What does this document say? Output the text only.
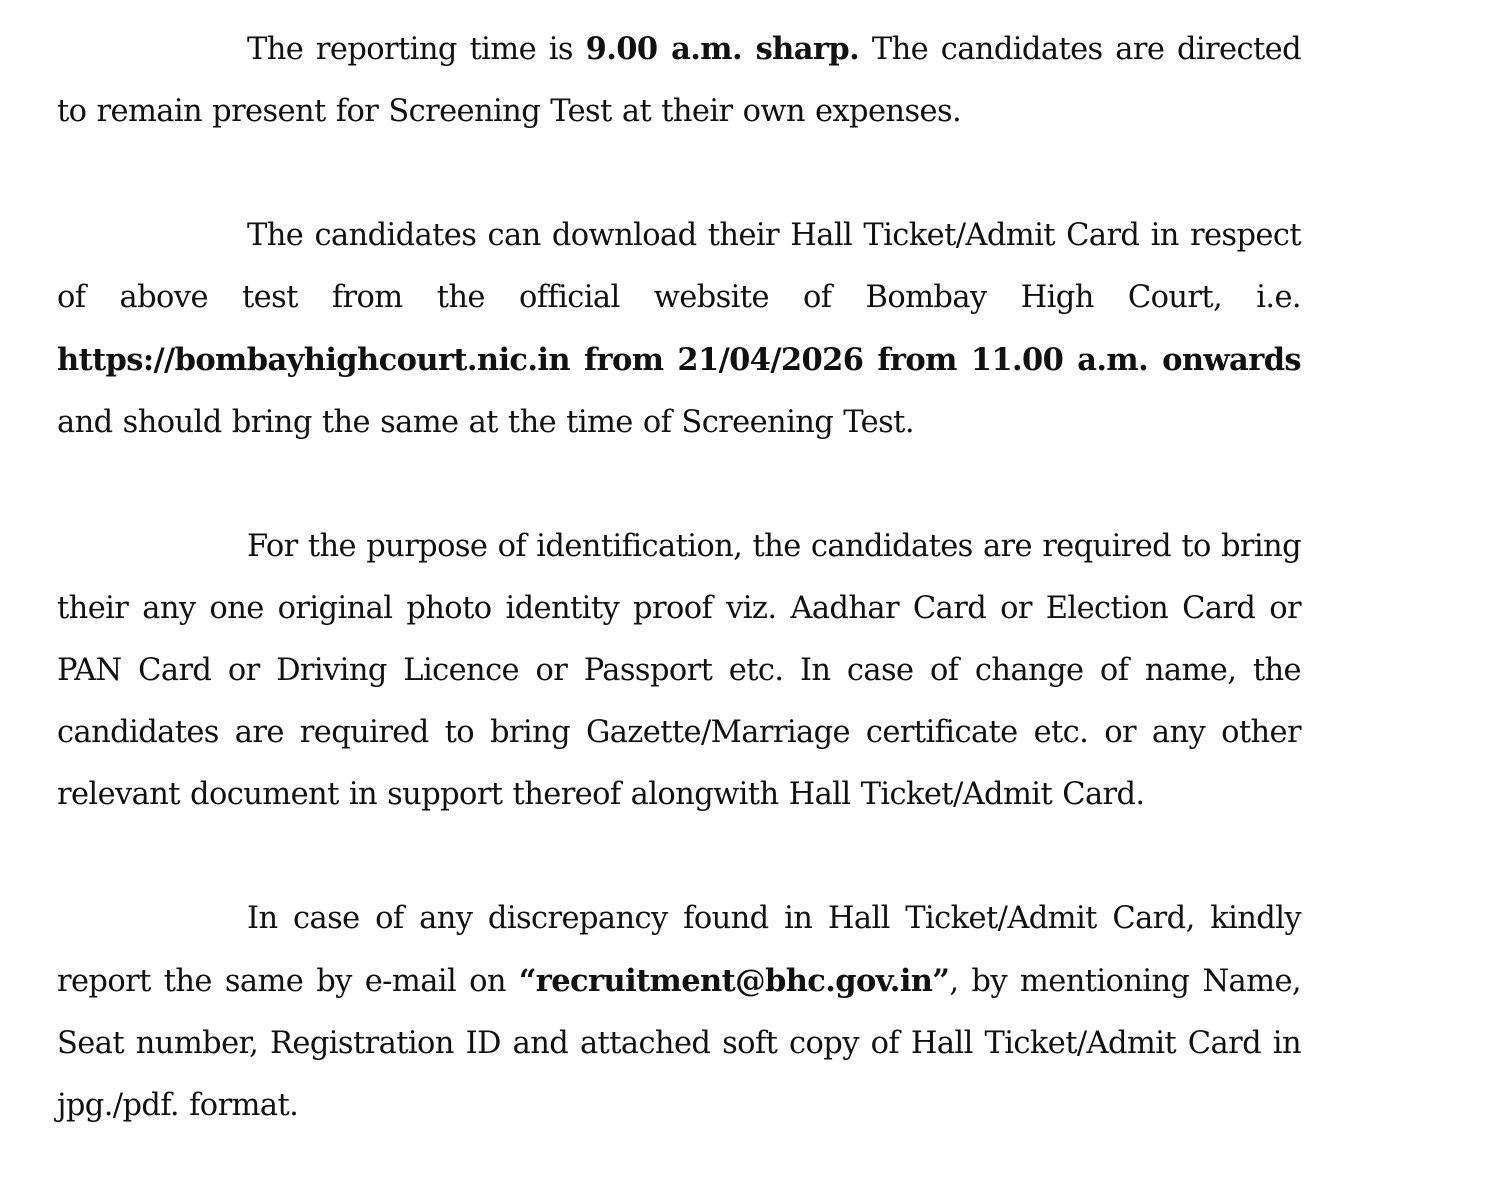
The reporting time is 9.00 a.m. sharp. The candidates are directed to remain present for Screening Test at their own expenses.

The candidates can download their Hall Ticket/Admit Card in respect of above test from the official website of Bombay High Court, i.e. https://bombayhighcourt.nic.in from 21/04/2026 from 11.00 a.m. onwards and should bring the same at the time of Screening Test.

For the purpose of identification, the candidates are required to bring their any one original photo identity proof viz. Aadhar Card or Election Card or PAN Card or Driving Licence or Passport etc. In case of change of name, the candidates are required to bring Gazette/Marriage certificate etc. or any other relevant document in support thereof alongwith Hall Ticket/Admit Card.

In case of any discrepancy found in Hall Ticket/Admit Card, kindly report the same by e-mail on “recruitment@bhc.gov.in”, by mentioning Name, Seat number, Registration ID and attached soft copy of Hall Ticket/Admit Card in jpg./pdf. format.
